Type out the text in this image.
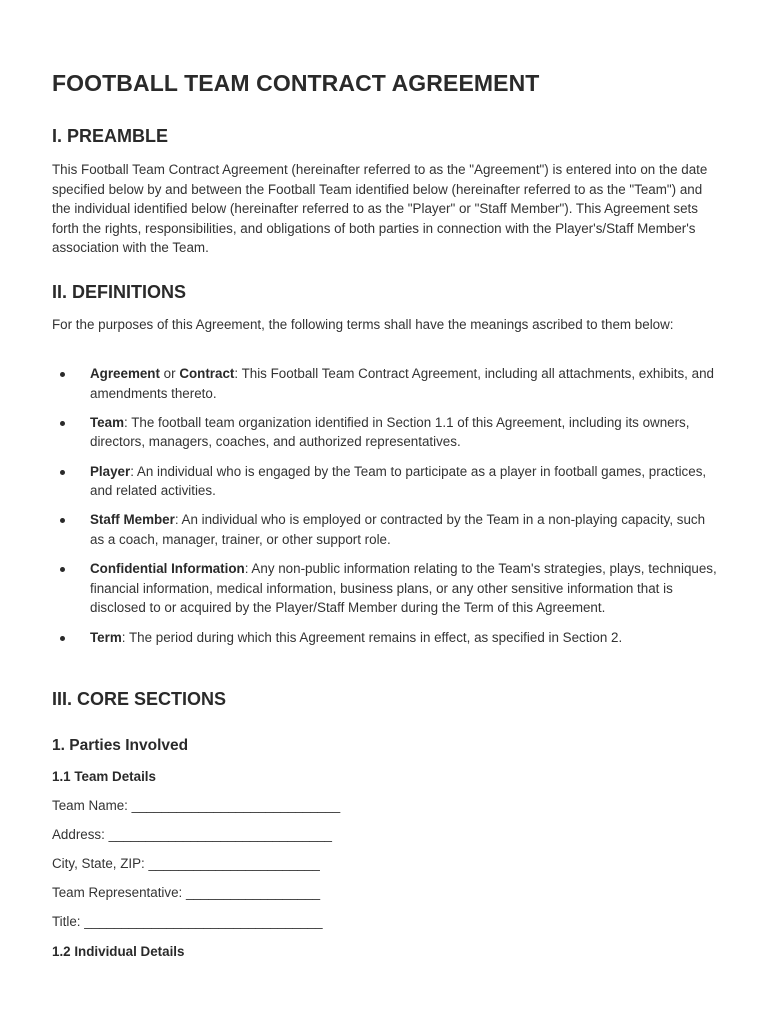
FOOTBALL TEAM CONTRACT AGREEMENT
I. PREAMBLE

This Football Team Contract Agreement (hereinafter referred to as the "Agreement") is entered into on the date specified below by and between the Football Team identified below (hereinafter referred to as the "Team") and the individual identified below (hereinafter referred to as the "Player" or "Staff Member"). This Agreement sets forth the rights, responsibilities, and obligations of both parties in connection with the Player's/Staff Member's association with the Team.

II. DEFINITIONS

For the purposes of this Agreement, the following terms shall have the meanings ascribed to them below:

Agreement or Contract: This Football Team Contract Agreement, including all attachments, exhibits, and amendments thereto.
Team: The football team organization identified in Section 1.1 of this Agreement, including its owners, directors, managers, coaches, and authorized representatives.
Player: An individual who is engaged by the Team to participate as a player in football games, practices, and related activities.
Staff Member: An individual who is employed or contracted by the Team in a non-playing capacity, such as a coach, manager, trainer, or other support role.
Confidential Information: Any non-public information relating to the Team's strategies, plays, techniques, financial information, medical information, business plans, or any other sensitive information that is disclosed to or acquired by the Player/Staff Member during the Term of this Agreement.
Term: The period during which this Agreement remains in effect, as specified in Section 2.
III. CORE SECTIONS
1. Parties Involved
1.1 Team Details

Team Name: ____________________________

Address: ______________________________

City, State, ZIP: _______________________

Team Representative: __________________

Title: ________________________________

1.2 Individual Details
